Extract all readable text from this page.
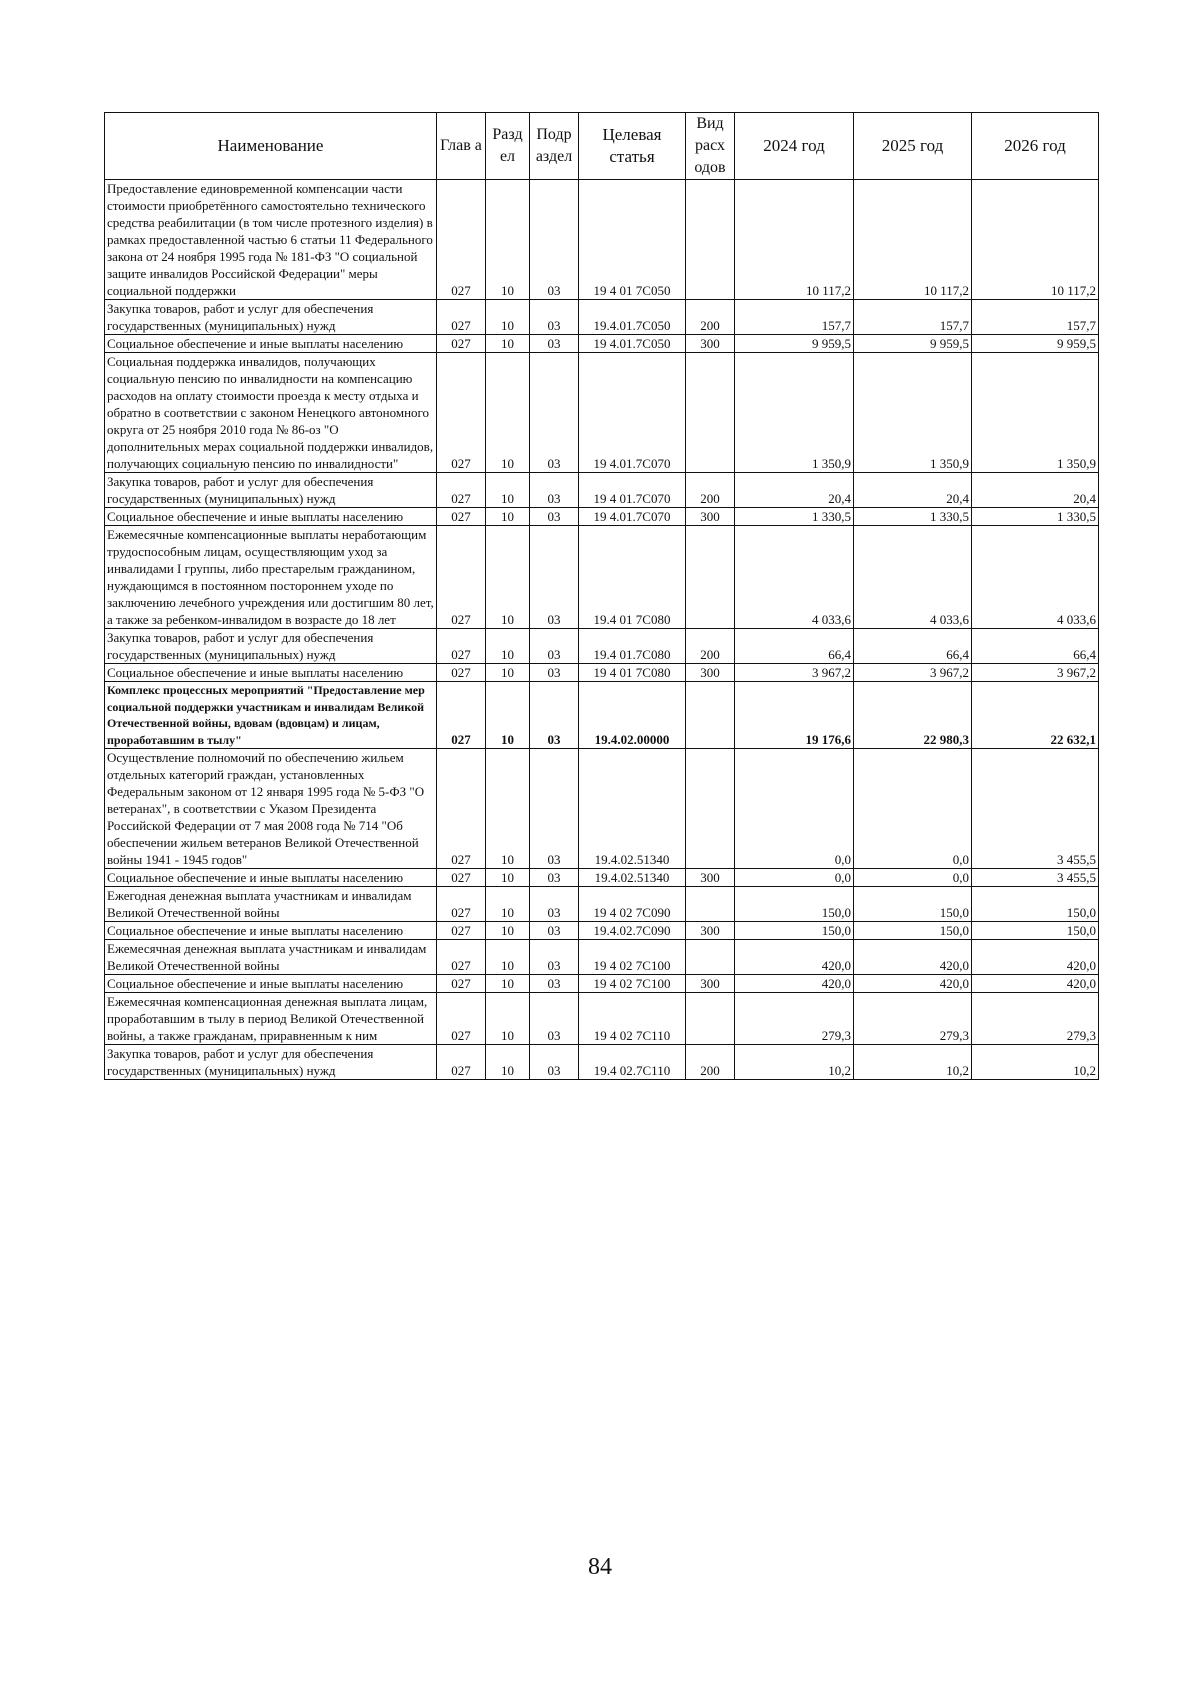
Наименование	Глав а	Разд ел	Подр аздел	Целевая статья	Вид расх одов	2024 год	2025 год	2026 год
Предоставление единовременной компенсации части стоимости приобретённого самостоятельно технического средства реабилитации (в том числе протезного изделия) в рамках предоставленной частью 6 статьи 11 Федерального закона от 24 ноября 1995 года № 181-ФЗ "О социальной защите инвалидов Российской Федерации" меры социальной поддержки	027	10	03	19 4 01 7С050		10 117,2	10 117,2	10 117,2
Закупка товаров, работ и услуг для обеспечения государственных (муниципальных) нужд	027	10	03	19.4.01.7С050	200	157,7	157,7	157,7
Социальное обеспечение и иные выплаты населению	027	10	03	19 4.01.7С050	300	9 959,5	9 959,5	9 959,5
Социальная поддержка инвалидов, получающих социальную пенсию по инвалидности на компенсацию расходов на оплату стоимости проезда к месту отдыха и обратно в соответствии с законом Ненецкого автономного округа от 25 ноября 2010 года № 86-оз "О дополнительных мерах социальной поддержки инвалидов, получающих социальную пенсию по инвалидности"	027	10	03	19 4.01.7С070		1 350,9	1 350,9	1 350,9
Закупка товаров, работ и услуг для обеспечения государственных (муниципальных) нужд	027	10	03	19 4 01.7С070	200	20,4	20,4	20,4
Социальное обеспечение и иные выплаты населению	027	10	03	19 4.01.7С070	300	1 330,5	1 330,5	1 330,5
Ежемесячные компенсационные выплаты неработающим трудоспособным лицам, осуществляющим уход за инвалидами I группы, либо престарелым гражданином, нуждающимся в постоянном постороннем уходе по заключению лечебного учреждения или достигшим 80 лет, а также за ребенком-инвалидом в возрасте до 18 лет	027	10	03	19.4 01 7С080		4 033,6	4 033,6	4 033,6
Закупка товаров, работ и услуг для обеспечения государственных (муниципальных) нужд	027	10	03	19.4 01.7С080	200	66,4	66,4	66,4
Социальное обеспечение и иные выплаты населению	027	10	03	19 4 01 7С080	300	3 967,2	3 967,2	3 967,2
Комплекс процессных мероприятий "Предоставление мер социальной поддержки участникам и инвалидам Великой Отечественной войны, вдовам (вдовцам) и лицам, проработавшим в тылу"	027	10	03	19.4.02.00000		19 176,6	22 980,3	22 632,1
Осуществление полномочий по обеспечению жильем отдельных категорий граждан, установленных Федеральным законом от 12 января 1995 года № 5-ФЗ "О ветеранах", в соответствии с Указом Президента Российской Федерации от 7 мая 2008 года № 714 "Об обеспечении жильем ветеранов Великой Отечественной войны 1941 - 1945 годов"	027	10	03	19.4.02.51340		0,0	0,0	3 455,5
Социальное обеспечение и иные выплаты населению	027	10	03	19.4.02.51340	300	0,0	0,0	3 455,5
Ежегодная денежная выплата участникам и инвалидам Великой Отечественной войны	027	10	03	19 4 02 7С090		150,0	150,0	150,0
Социальное обеспечение и иные выплаты населению	027	10	03	19.4.02.7С090	300	150,0	150,0	150,0
Ежемесячная денежная выплата участникам и инвалидам Великой Отечественной войны	027	10	03	19 4 02 7С100		420,0	420,0	420,0
Социальное обеспечение и иные выплаты населению	027	10	03	19 4 02 7С100	300	420,0	420,0	420,0
Ежемесячная компенсационная денежная выплата лицам, проработавшим в тылу в период Великой Отечественной войны, а также гражданам, приравненным к ним	027	10	03	19 4 02 7С110		279,3	279,3	279,3
Закупка товаров, работ и услуг для обеспечения государственных (муниципальных) нужд	027	10	03	19.4 02.7С110	200	10,2	10,2	10,2
84
